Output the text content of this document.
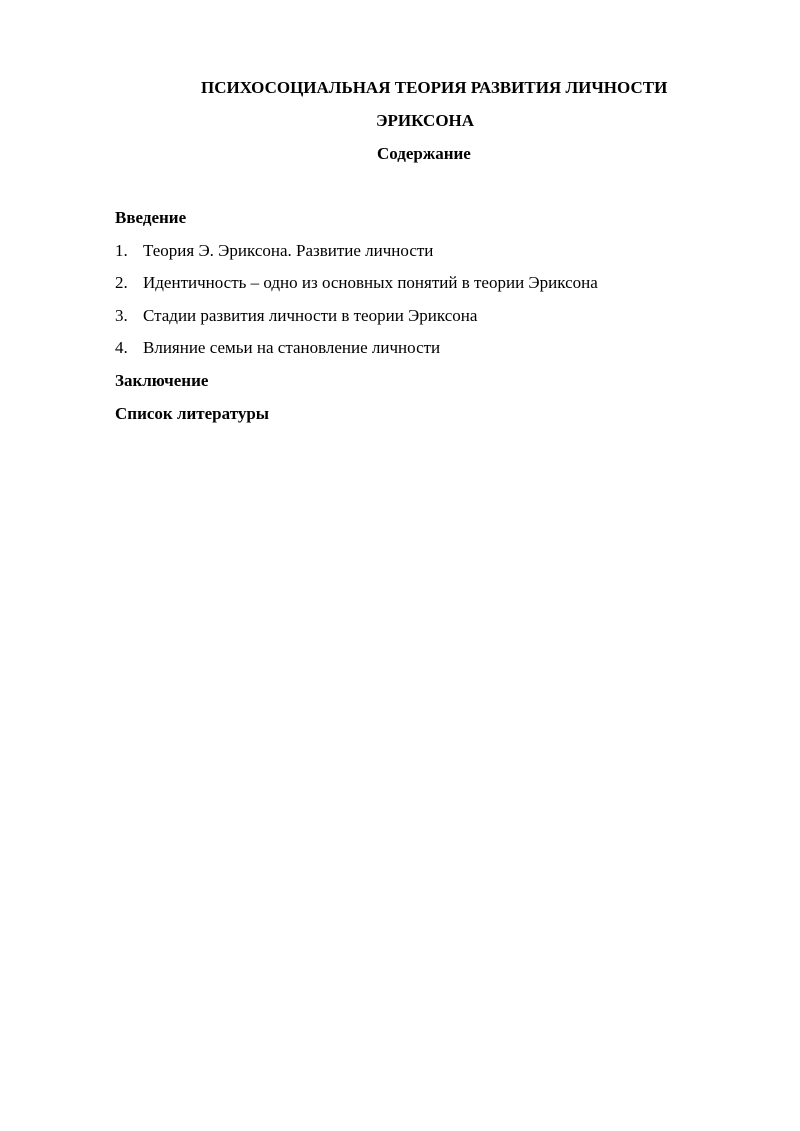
ПСИХОСОЦИАЛЬНАЯ ТЕОРИЯ РАЗВИТИЯ ЛИЧНОСТИ
ЭРИКСОНА
Содержание
Введение
1. Теория Э. Эриксона. Развитие личности
2. Идентичность – одно из основных понятий в теории Эриксона
3. Стадии развития личности в теории Эриксона
4. Влияние семьи на становление личности
Заключение
Список литературы
